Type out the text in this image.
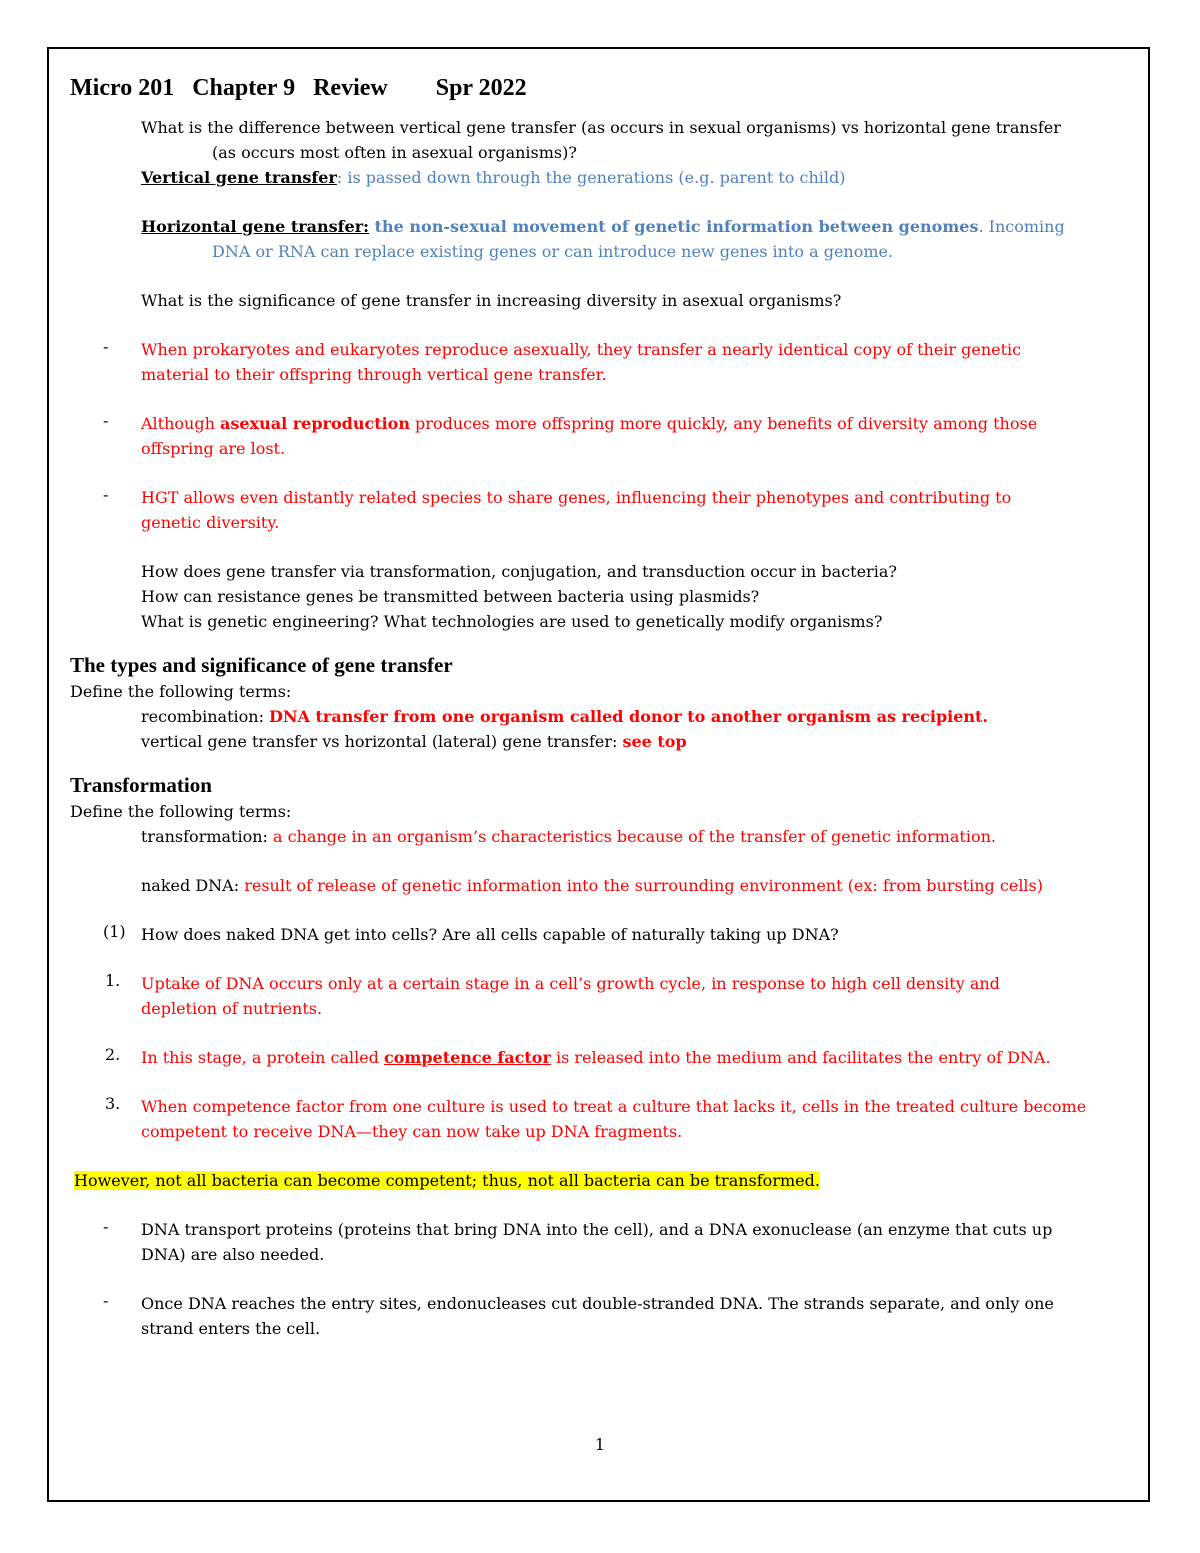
Micro 201   Chapter 9   Review        Spr 2022

What is the difference between vertical gene transfer (as occurs in sexual organisms) vs horizontal gene transfer

(as occurs most often in asexual organisms)?

Vertical gene transfer: is passed down through the generations (e.g. parent to child)

Horizontal gene transfer: the non-sexual movement of genetic information between genomes. Incoming

DNA or RNA can replace existing genes or can introduce new genes into a genome.

What is the significance of gene transfer in increasing diversity in asexual organisms?

- When prokaryotes and eukaryotes reproduce asexually, they transfer a nearly identical copy of their genetic

material to their offspring through vertical gene transfer.

- Although asexual reproduction produces more offspring more quickly, any benefits of diversity among those

offspring are lost.

- HGT allows even distantly related species to share genes, influencing their phenotypes and contributing to

genetic diversity.

How does gene transfer via transformation, conjugation, and transduction occur in bacteria?

How can resistance genes be transmitted between bacteria using plasmids?

What is genetic engineering? What technologies are used to genetically modify organisms?

The types and significance of gene transfer

Define the following terms:

recombination: DNA transfer from one organism called donor to another organism as recipient.

vertical gene transfer vs horizontal (lateral) gene transfer: see top

Transformation

Define the following terms:

transformation: a change in an organism’s characteristics because of the transfer of genetic information.

naked DNA: result of release of genetic information into the surrounding environment (ex: from bursting cells)

(1) How does naked DNA get into cells? Are all cells capable of naturally taking up DNA?

1. Uptake of DNA occurs only at a certain stage in a cell’s growth cycle, in response to high cell density and

depletion of nutrients.

2. In this stage, a protein called competence factor is released into the medium and facilitates the entry of DNA.

3. When competence factor from one culture is used to treat a culture that lacks it, cells in the treated culture become

competent to receive DNA—they can now take up DNA fragments.

However, not all bacteria can become competent; thus, not all bacteria can be transformed.

- DNA transport proteins (proteins that bring DNA into the cell), and a DNA exonuclease (an enzyme that cuts up

DNA) are also needed.

- Once DNA reaches the entry sites, endonucleases cut double-stranded DNA. The strands separate, and only one

strand enters the cell.

1
